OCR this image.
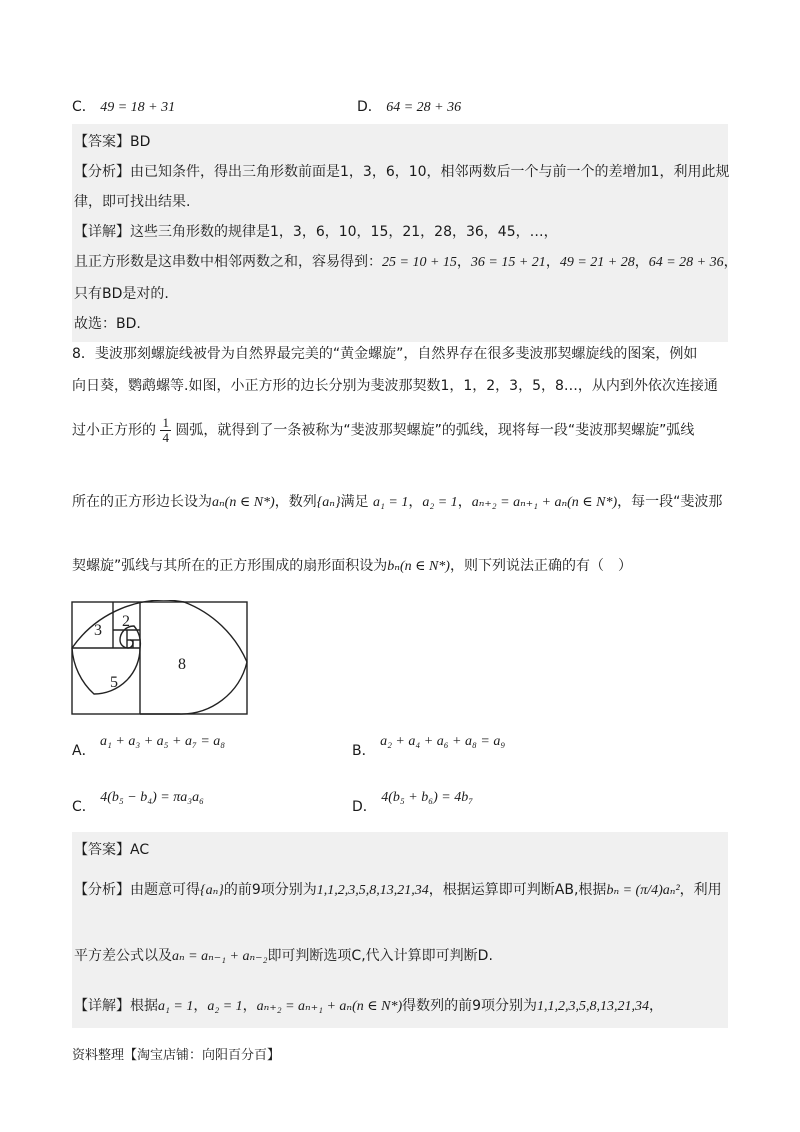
C． 49 = 18 + 31	D． 64 = 28 + 36
【答案】BD
【分析】由已知条件，得出三角形数前面是1，3，6，10，相邻两数后一个与前一个的差增加1，利用此规
律，即可找出结果.
【详解】这些三角形数的规律是1，3，6，10，15，21，28，36，45，…，
且正方形数是这串数中相邻两数之和，容易得到：25 = 10 + 15，36 = 15 + 21，49 = 21 + 28，64 = 28 + 36，
只有BD是对的.
故选：BD.
8．斐波那刻螺旋线被骨为自然界最完美的“黄金螺旋”，自然界存在很多斐波那契螺旋线的图案，例如
向日葵，鹦鹉螺等.如图，小正方形的边长分别为斐波那契数1，1，2，3，5，8…，从内到外依次连接通
过小正方形的 $\frac{1}{4}$ 圆弧，就得到了一条被称为“斐波那契螺旋”的弧线，现将每一段“斐波那契螺旋”弧线
所在的正方形边长设为aₙ(n ∈ N*)，数列{aₙ}满足 a₁ = 1，a₂ = 1，aₙ₊₂ = aₙ₊₁ + aₙ(n ∈ N*)，每一段“斐波那
契螺旋”弧线与其所在的正方形围成的扇形面积设为bₙ(n ∈ N*)，则下列说法正确的有（　）
3
2
5
8
A． a₁ + a₃ + a₅ + a₇ = a₈
B． a₂ + a₄ + a₆ + a₈ = a₉
C． 4(b₅ − b₄) = πa₃a₆
D． 4(b₅ + b₆) = 4b₇
【答案】AC
【分析】由题意可得{aₙ}的前9项分别为1,1,2,3,5,8,13,21,34，根据运算即可判断AB,根据bₙ = (π/4)aₙ²，利用
平方差公式以及aₙ = aₙ₋₁ + aₙ₋₂即可判断选项C,代入计算即可判断D.
【详解】根据a₁ = 1，a₂ = 1，aₙ₊₂ = aₙ₊₁ + aₙ(n ∈ N*)得数列的前9项分别为1,1,2,3,5,8,13,21,34，
资料整理【淘宝店铺：向阳百分百】
